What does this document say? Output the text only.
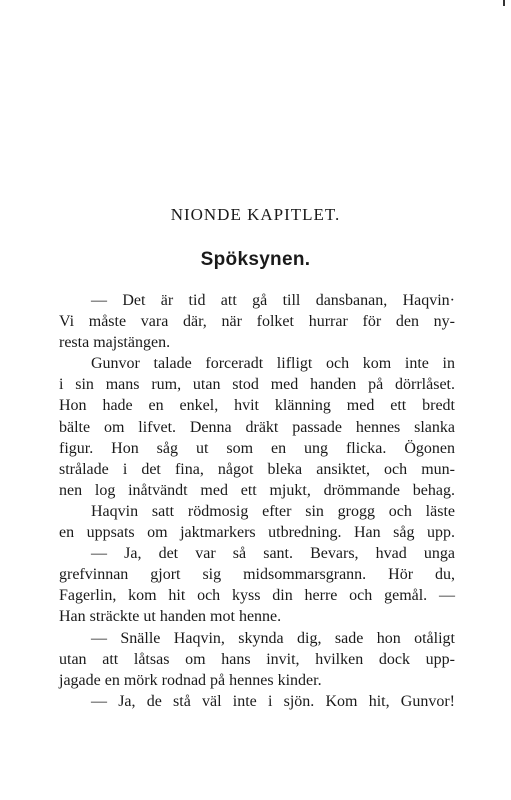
NIONDE KAPITLET.
Spöksynen.
— Det är tid att gå till dansbanan, Haqvin·
Vi måste vara där, när folket hurrar för den ny-
resta majstängen.
Gunvor talade forceradt lifligt och kom inte in
i sin mans rum, utan stod med handen på dörrlåset.
Hon hade en enkel, hvit klänning med ett bredt
bälte om lifvet. Denna dräkt passade hennes slanka
figur. Hon såg ut som en ung flicka. Ögonen
strålade i det fina, något bleka ansiktet, och mun-
nen log inåtvändt med ett mjukt, drömmande behag.
Haqvin satt rödmosig efter sin grogg och läste
en uppsats om jaktmarkers utbredning. Han såg upp.
— Ja, det var så sant. Bevars, hvad unga
grefvinnan gjort sig midsommarsgrann. Hör du,
Fagerlin, kom hit och kyss din herre och gemål. —
Han sträckte ut handen mot henne.
— Snälle Haqvin, skynda dig, sade hon otåligt
utan att låtsas om hans invit, hvilken dock upp-
jagade en mörk rodnad på hennes kinder.
— Ja, de stå väl inte i sjön. Kom hit, Gunvor!
